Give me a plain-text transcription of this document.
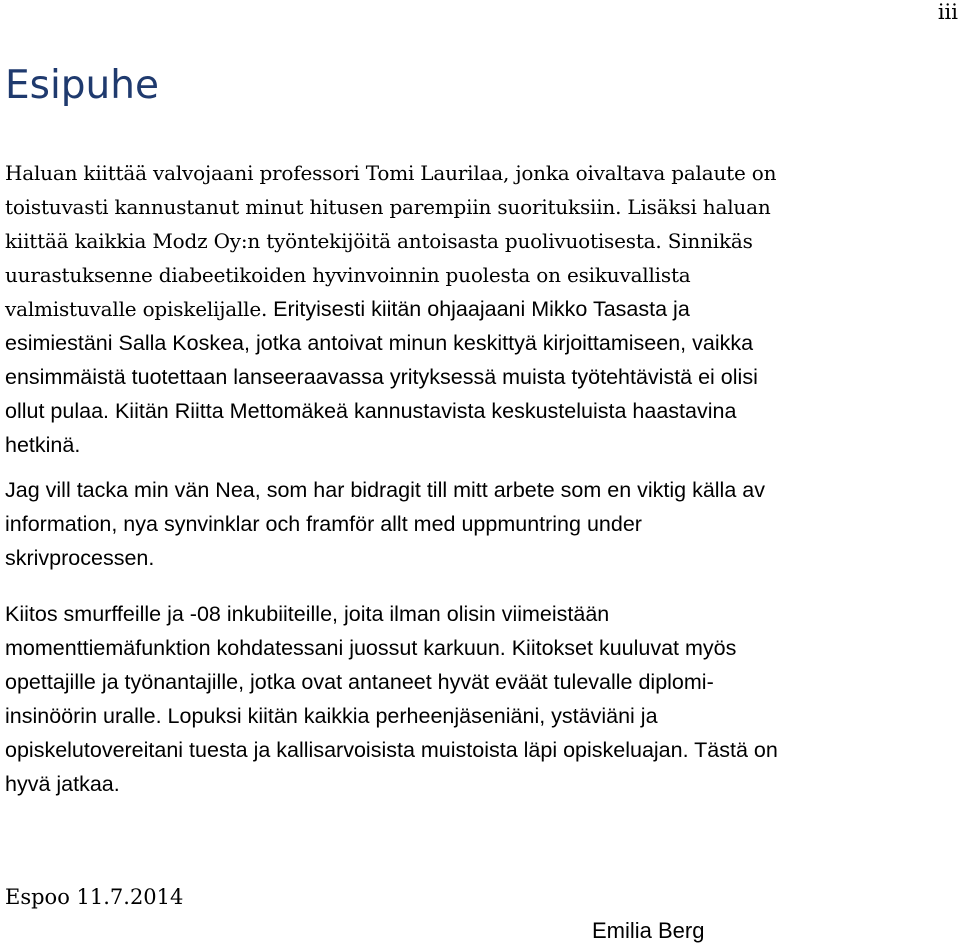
iii
Esipuhe

Haluan kiittää valvojaani professori Tomi Laurilaa, jonka oivaltava palaute on
toistuvasti kannustanut minut hitusen parempiin suorituksiin. Lisäksi haluan
kiittää kaikkia Modz Oy:n työntekijöitä antoisasta puolivuotisesta. Sinnikäs
uurastuksenne diabeetikoiden hyvinvoinnin puolesta on esikuvallista
valmistuvalle opiskelijalle. Erityisesti kiitän ohjaajaani Mikko Tasasta ja
esimiestäni Salla Koskea, jotka antoivat minun keskittyä kirjoittamiseen, vaikka
ensimmäistä tuotettaan lanseeraavassa yrityksessä muista työtehtävistä ei olisi
ollut pulaa. Kiitän Riitta Mettomäkeä kannustavista keskusteluista haastavina
hetkinä.

Jag vill tacka min vän Nea, som har bidragit till mitt arbete som en viktig källa av
information, nya synvinklar och framför allt med uppmuntring under
skrivprocessen.

Kiitos smurffeille ja -08 inkubiiteille, joita ilman olisin viimeistään
momenttiemäfunktion kohdatessani juossut karkuun. Kiitokset kuuluvat myös
opettajille ja työnantajille, jotka ovat antaneet hyvät eväät tulevalle diplomi-
insinöörin uralle. Lopuksi kiitän kaikkia perheenjäseniäni, ystäviäni ja
opiskelutovereitani tuesta ja kallisarvoisista muistoista läpi opiskeluajan. Tästä on
hyvä jatkaa.

Espoo 11.7.2014
Emilia Berg
